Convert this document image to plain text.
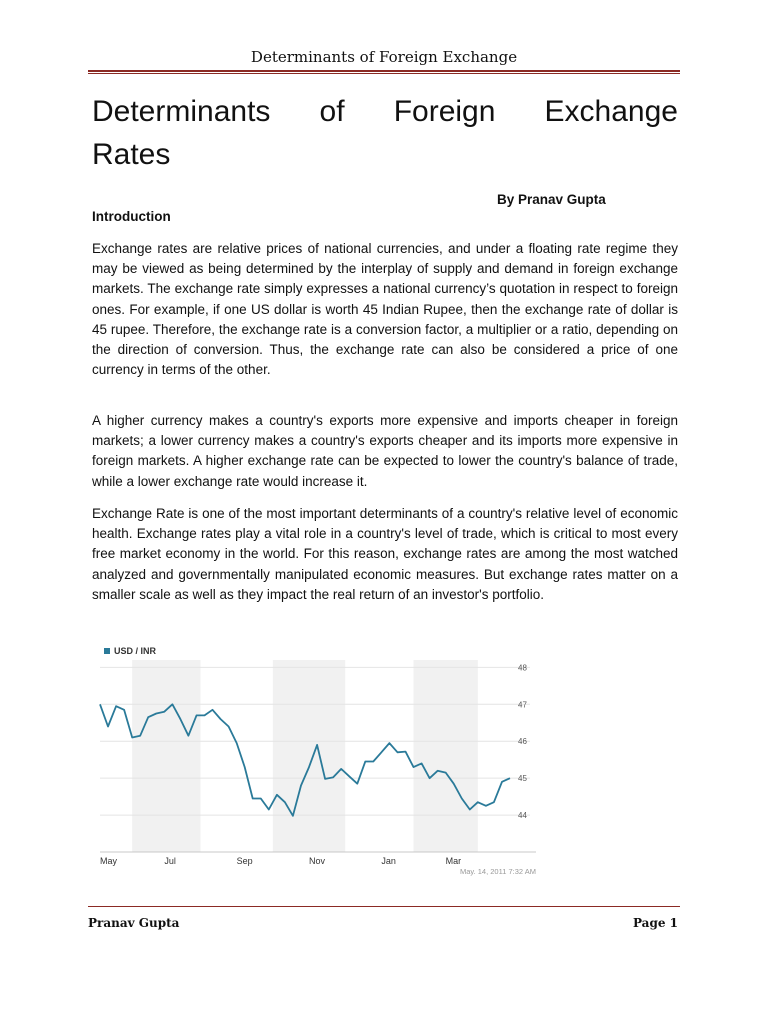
Determinants of Foreign Exchange
Determinants of Foreign Exchange
Rates
By Pranav Gupta
Introduction

Exchange rates are relative prices of national currencies, and under a floating rate regime they may be viewed as being determined by the interplay of supply and demand in foreign exchange markets. The exchange rate simply expresses a national currency’s quotation in respect to foreign ones. For example, if one US dollar is worth 45 Indian Rupee, then the exchange rate of dollar is 45 rupee. Therefore, the exchange rate is a conversion factor, a multiplier or a ratio, depending on the direction of conversion. Thus, the exchange rate can also be considered a price of one currency in terms of the other.

A higher currency makes a country's exports more expensive and imports cheaper in foreign markets; a lower currency makes a country's exports cheaper and its imports more expensive in foreign markets. A higher exchange rate can be expected to lower the country's balance of trade, while a lower exchange rate would increase it.

Exchange Rate is one of the most important determinants of a country's relative level of economic health. Exchange rates play a vital role in a country's level of trade, which is critical to most every free market economy in the world. For this reason, exchange rates are among the most watched analyzed and governmentally manipulated economic measures. But exchange rates matter on a smaller scale as well as they impact the real return of an investor's portfolio.

48
47
46
45
44
May	Jul	Sep	Nov	Jan	Mar
USD / INR
May. 14, 2011 7:32 AM
Pranav Gupta	Page 1
